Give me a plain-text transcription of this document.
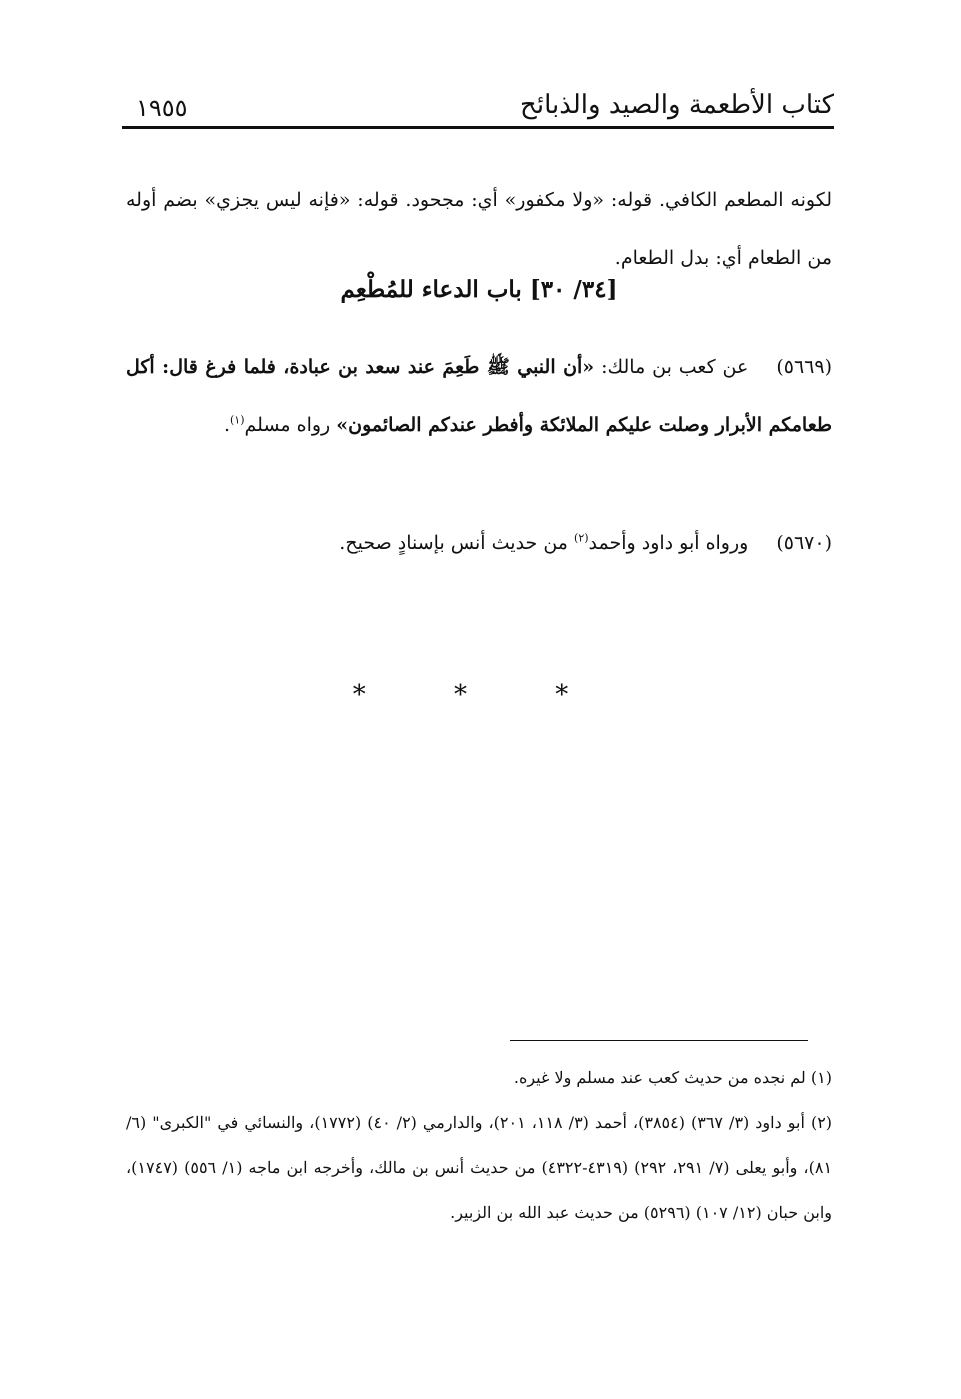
كتاب الأطعمة والصيد والذبائح
١٩٥٥

لكونه المطعم الكافي. قوله: «ولا مكفور» أي: مجحود. قوله: «فإنه ليس يجزي» بضم أوله من الطعام أي: بدل الطعام.

[٣٤/ ٣٠] باب الدعاء للمُطْعِم
(٥٦٦٩)عن كعب بن مالك: «أن النبي ﷺ طَعِمَ عند سعد بن عبادة، فلما فرغ قال: أكل طعامكم الأبرار وصلت عليكم الملائكة وأفطر عندكم الصائمون» رواه مسلم$^{(١)}$.
(٥٦٧٠)ورواه أبو داود وأحمد$^{(٢)}$ من حديث أنس بإسنادٍ صحيح.
* * *

(١) لم نجده من حديث كعب عند مسلم ولا غيره.

(٢) أبو داود (٣/ ٣٦٧) (٣٨٥٤)، أحمد (٣/ ١١٨، ٢٠١)، والدارمي (٢/ ٤٠) (١٧٧٢)، والنسائي في "الكبرى" (٦/ ٨١)، وأبو يعلى (٧/ ٢٩١، ٢٩٢) (٤٣١٩-٤٣٢٢) من حديث أنس بن مالك، وأخرجه ابن ماجه (١/ ٥٥٦) (١٧٤٧)، وابن حبان (١٢/ ١٠٧) (٥٢٩٦) من حديث عبد الله بن الزبير.
